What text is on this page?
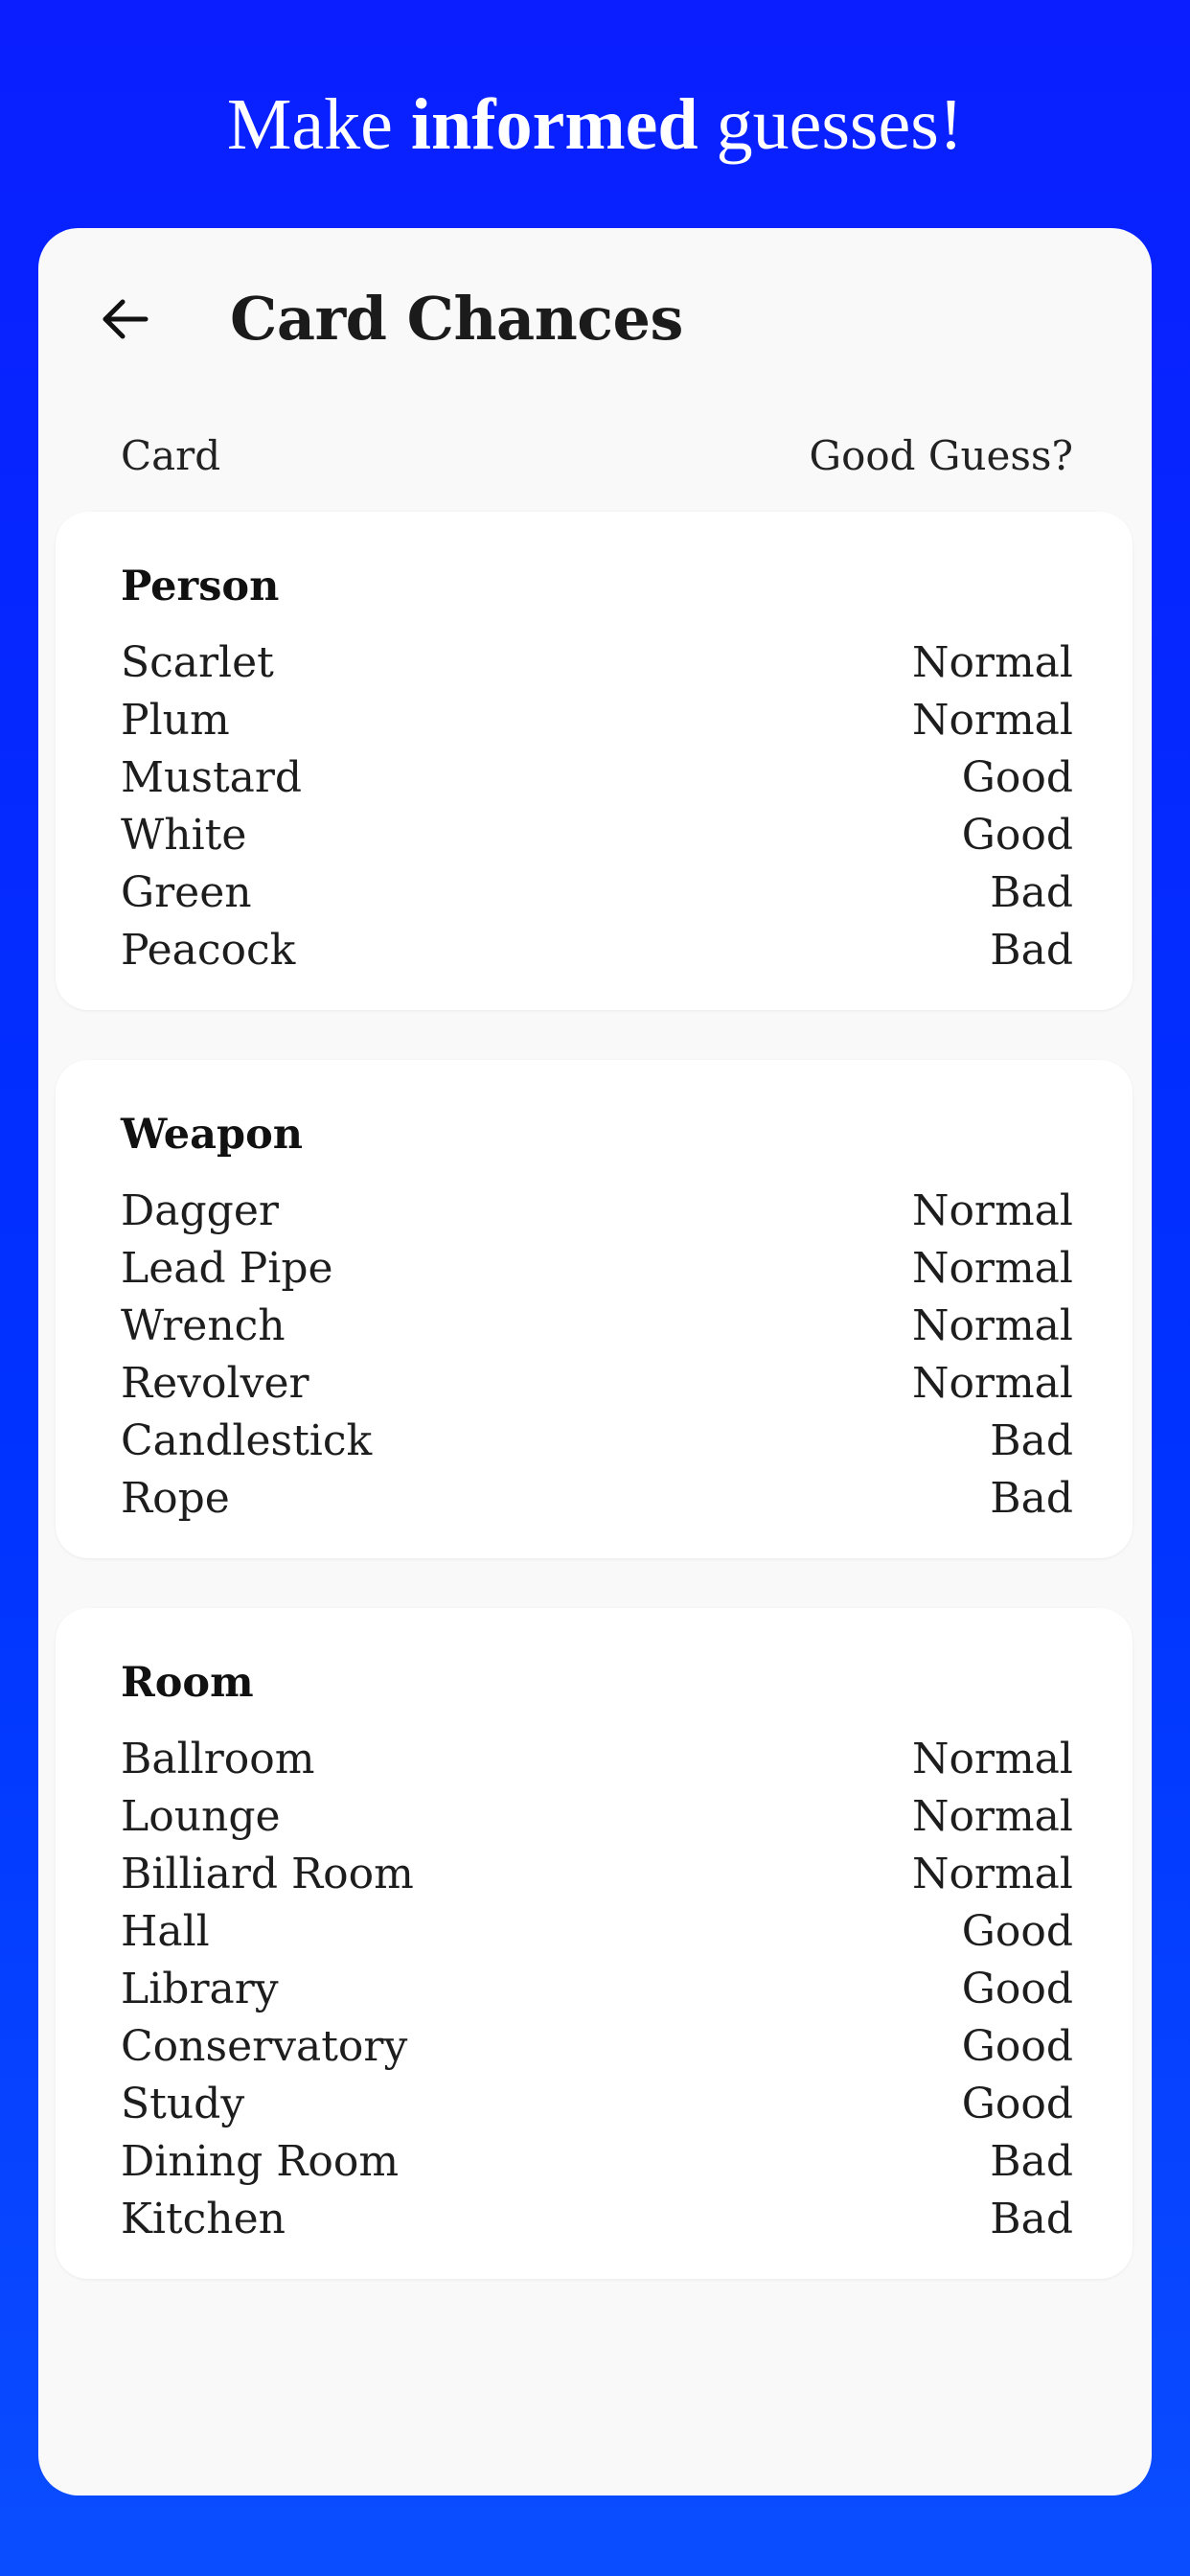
Make informed guesses!
Card Chances
Card	Good Guess?
Person
Scarlet	Normal
Plum	Normal
Mustard	Good
White	Good
Green	Bad
Peacock	Bad
Weapon
Dagger	Normal
Lead Pipe	Normal
Wrench	Normal
Revolver	Normal
Candlestick	Bad
Rope	Bad
Room
Ballroom	Normal
Lounge	Normal
Billiard Room	Normal
Hall	Good
Library	Good
Conservatory	Good
Study	Good
Dining Room	Bad
Kitchen	Bad
